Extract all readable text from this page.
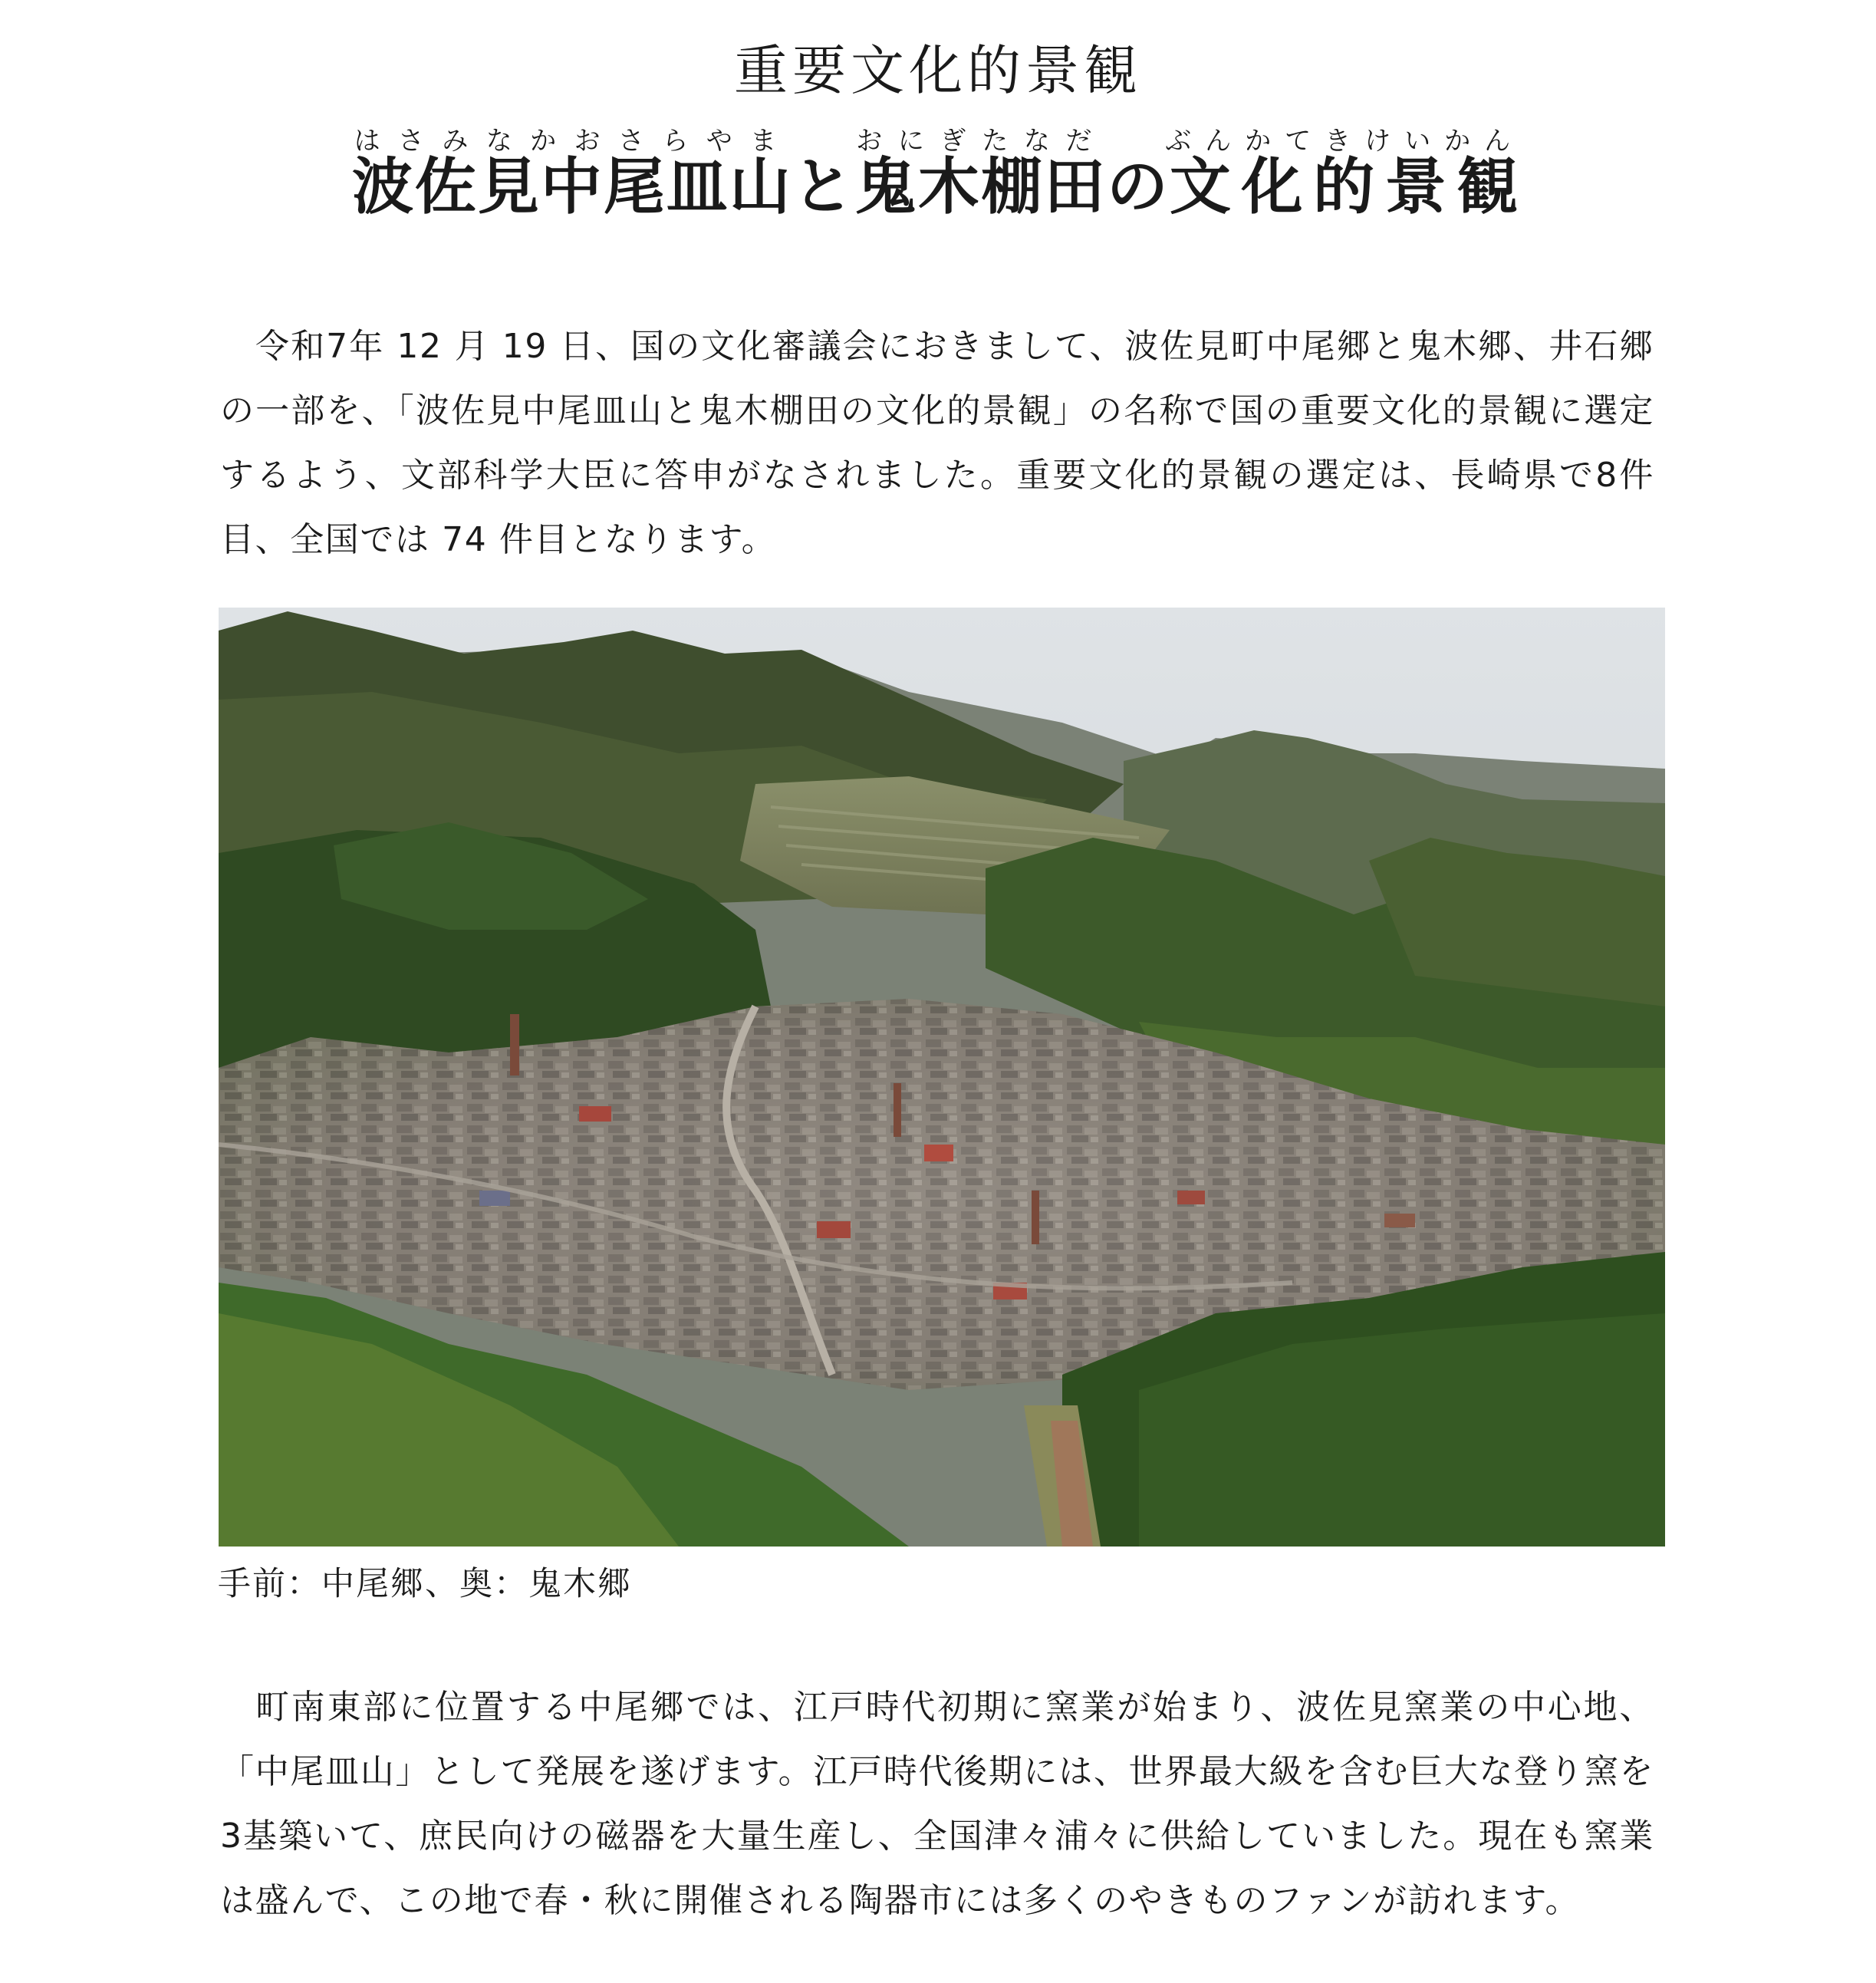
重要文化的景観
波佐見中尾皿山はさみなかおさらやまと鬼木棚田おにぎたなだの文化的景観ぶんかてきけいかん

令和7年 12 月 19 日、国の文化審議会におきまして、波佐見町中尾郷と鬼木郷、井石郷の一部を、「波佐見中尾皿山と鬼木棚田の文化的景観」の名称で国の重要文化的景観に選定するよう、文部科学大臣に答申がなされました。重要文化的景観の選定は、長崎県で8件目、全国では 74 件目となります。

手前：中尾郷、奥：鬼木郷

町南東部に位置する中尾郷では、江戸時代初期に窯業が始まり、波佐見窯業の中心地、「中尾皿山」として発展を遂げます。江戸時代後期には、世界最大級を含む巨大な登り窯を3基築いて、庶民向けの磁器を大量生産し、全国津々浦々に供給していました。現在も窯業は盛んで、この地で春・秋に開催される陶器市には多くのやきものファンが訪れます。
